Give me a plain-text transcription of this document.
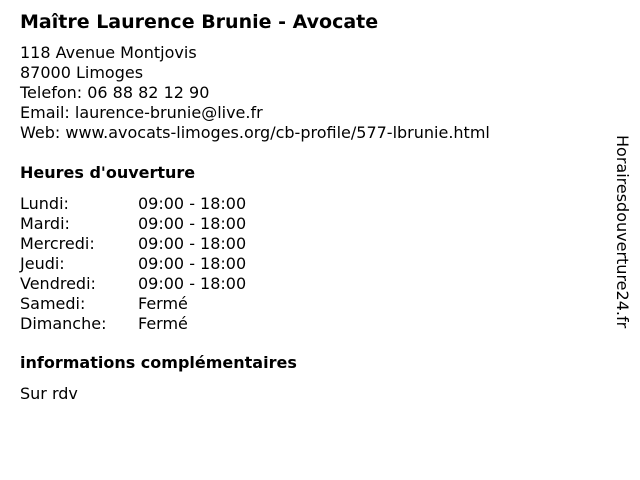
Maître Laurence Brunie - Avocate
118 Avenue Montjovis
87000 Limoges
Telefon: 06 88 82 12 90
Email: laurence-brunie@live.fr
Web: www.avocats-limoges.org/cb-profile/577-lbrunie.html
Heures d'ouverture
Lundi:	09:00 - 18:00
Mardi:	09:00 - 18:00
Mercredi:	09:00 - 18:00
Jeudi:	09:00 - 18:00
Vendredi:	09:00 - 18:00
Samedi:	Fermé
Dimanche: Fermé
informations complémentaires
Sur rdv
Horairesdouverture24.fr
